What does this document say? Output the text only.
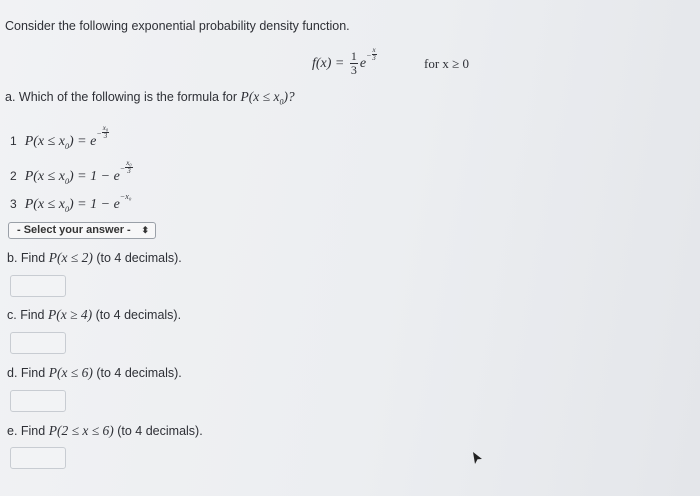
Consider the following exponential probability density function.
$f(x) = \frac{1}{3} e^- \frac{x}{3}$
for x ≥ 0
a. Which of the following is the formula for $P(x \le x_0)$?
1 $P(x \le x_0) = e^- \frac{\text{x₀}}{3}$
2 $P(x \le x_0) = 1 - e^- \frac{\text{x₀}}{3}$
3 $P(x \le x_0) = 1 - e^{-x_0}$
- Select your answer - ⬍
b. Find P(x ≤ 2) (to 4 decimals).
c. Find P(x ≥ 4) (to 4 decimals).
d. Find P(x ≤ 6) (to 4 decimals).
e. Find P(2 ≤ x ≤ 6) (to 4 decimals).
